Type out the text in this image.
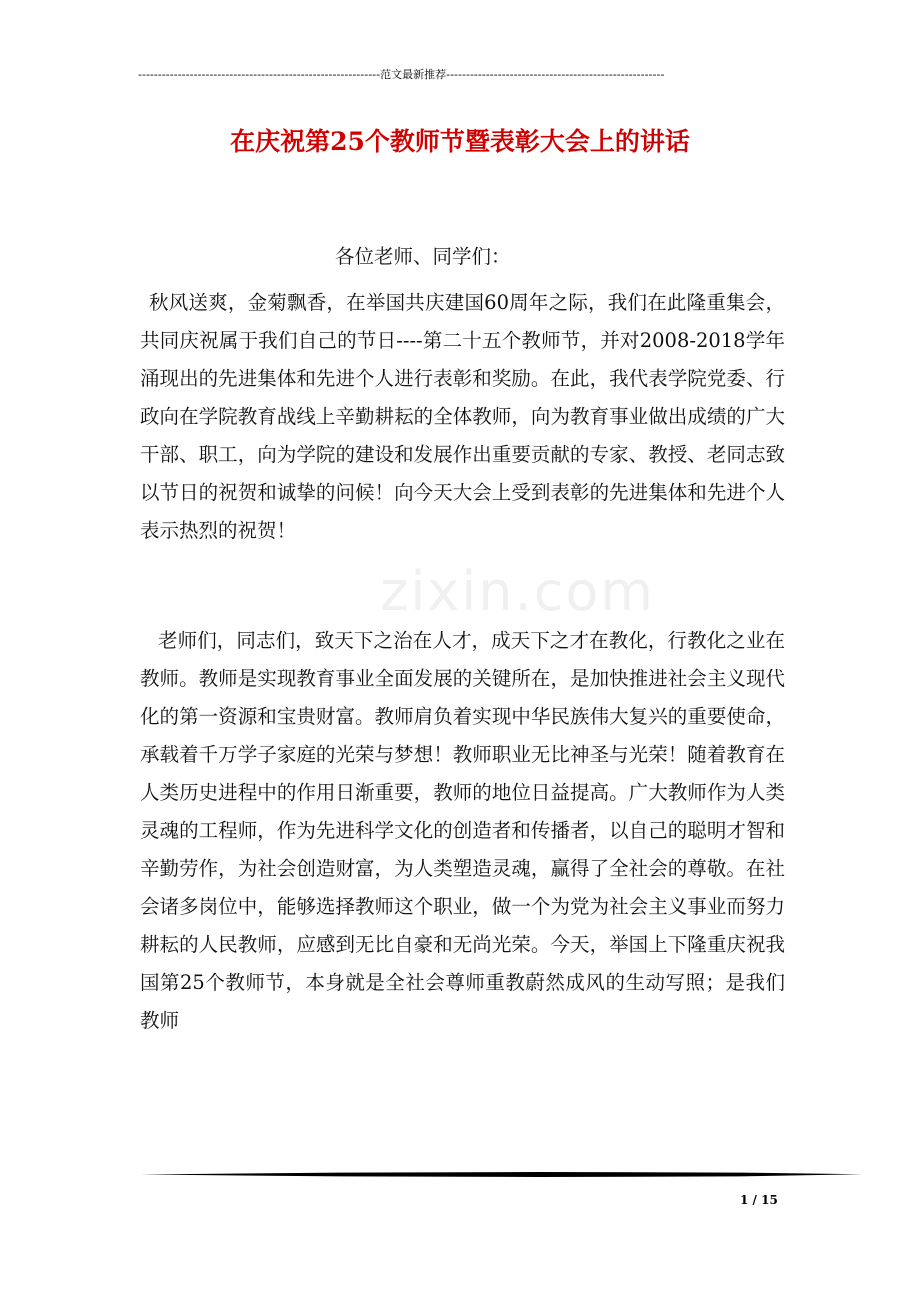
-------------------------------------------------------------范文最新推荐-------------------------------------------------------
在庆祝第25个教师节暨表彰大会上的讲话
各位老师、同学们：
秋风送爽，金菊飘香，在举国共庆建国60周年之际，我们在此隆重集会，共同庆祝属于我们自己的节日----第二十五个教师节，并对2008-2018学年涌现出的先进集体和先进个人进行表彰和奖励。在此，我代表学院党委、行政向在学院教育战线上辛勤耕耘的全体教师，向为教育事业做出成绩的广大干部、职工，向为学院的建设和发展作出重要贡献的专家、教授、老同志致以节日的祝贺和诚挚的问候！向今天大会上受到表彰的先进集体和先进个人表示热烈的祝贺！
老师们，同志们，致天下之治在人才，成天下之才在教化，行教化之业在教师。教师是实现教育事业全面发展的关键所在，是加快推进社会主义现代化的第一资源和宝贵财富。教师肩负着实现中华民族伟大复兴的重要使命，承载着千万学子家庭的光荣与梦想！教师职业无比神圣与光荣！随着教育在人类历史进程中的作用日渐重要，教师的地位日益提高。广大教师作为人类灵魂的工程师，作为先进科学文化的创造者和传播者，以自己的聪明才智和辛勤劳作，为社会创造财富，为人类塑造灵魂，赢得了全社会的尊敬。在社会诸多岗位中，能够选择教师这个职业，做一个为党为社会主义事业而努力耕耘的人民教师，应感到无比自豪和无尚光荣。今天，举国上下隆重庆祝我国第25个教师节，本身就是全社会尊师重教蔚然成风的生动写照；是我们教师
zixin.com
1 / 15
